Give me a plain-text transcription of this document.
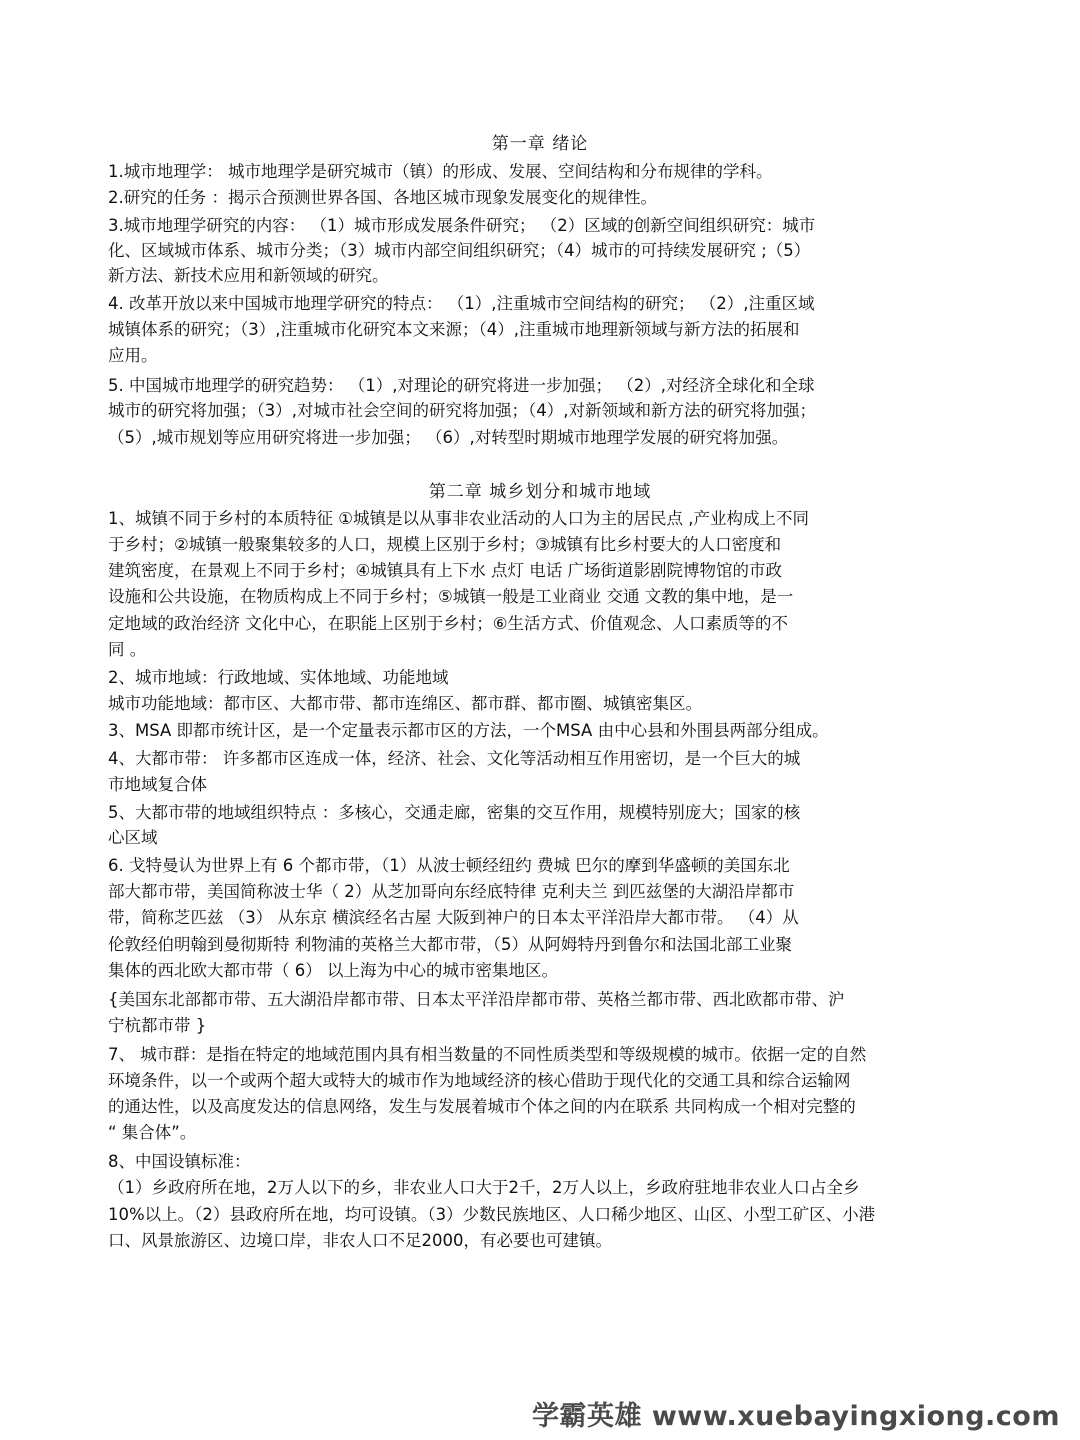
第一章 绪论
1.城市地理学： 城市地理学是研究城市（镇）的形成、发展、空间结构和分布规律的学科。
2.研究的任务 ：揭示合预测世界各国、各地区城市现象发展变化的规律性。
3.城市地理学研究的内容： （1）城市形成发展条件研究； （2）区域的创新空间组织研究：城市
化、区域城市体系、城市分类；（3）城市内部空间组织研究；（4）城市的可持续发展研究 ;（5）
新方法、新技术应用和新领域的研究。
4. 改革开放以来中国城市地理学研究的特点： （1）,注重城市空间结构的研究； （2）,注重区域
城镇体系的研究；（3）,注重城市化研究本文来源；（4）,注重城市地理新领域与新方法的拓展和
应用。
5. 中国城市地理学的研究趋势： （1）,对理论的研究将进一步加强； （2）,对经济全球化和全球
城市的研究将加强；（3）,对城市社会空间的研究将加强；（4）,对新领域和新方法的研究将加强；
（5）,城市规划等应用研究将进一步加强； （6）,对转型时期城市地理学发展的研究将加强。
第二章 城乡划分和城市地域
1、城镇不同于乡村的本质特征 ①城镇是以从事非农业活动的人口为主的居民点 ,产业构成上不同
于乡村；②城镇一般聚集较多的人口，规模上区别于乡村；③城镇有比乡村要大的人口密度和
建筑密度，在景观上不同于乡村；④城镇具有上下水 点灯 电话 广场街道影剧院博物馆的市政
设施和公共设施，在物质构成上不同于乡村；⑤城镇一般是工业商业 交通 文教的集中地，是一
定地域的政治经济 文化中心，在职能上区别于乡村；⑥生活方式、价值观念、人口素质等的不
同 。
2、城市地域：行政地域、实体地域、功能地域
城市功能地域：都市区、大都市带、都市连绵区、都市群、都市圈、城镇密集区。
3、MSA 即都市统计区，是一个定量表示都市区的方法，一个MSA 由中心县和外围县两部分组成。
4、大都市带： 许多都市区连成一体，经济、社会、文化等活动相互作用密切，是一个巨大的城
市地域复合体
5、大都市带的地域组织特点 ：多核心，交通走廊，密集的交互作用，规模特别庞大；国家的核
心区域
6. 戈特曼认为世界上有 6 个都市带，（1）从波士顿经纽约 费城 巴尔的摩到华盛顿的美国东北
部大都市带，美国简称波士华（ 2）从芝加哥向东经底特律 克利夫兰 到匹兹堡的大湖沿岸都市
带，简称芝匹兹 （3） 从东京 横滨经名古屋 大阪到神户的日本太平洋沿岸大都市带。 （4）从
伦敦经伯明翰到曼彻斯特 利物浦的英格兰大都市带，（5）从阿姆特丹到鲁尔和法国北部工业聚
集体的西北欧大都市带（ 6） 以上海为中心的城市密集地区。
{美国东北部都市带、五大湖沿岸都市带、日本太平洋沿岸都市带、英格兰都市带、西北欧都市带、沪
宁杭都市带 }
7、 城市群：是指在特定的地域范围内具有相当数量的不同性质类型和等级规模的城市。依据一定的自然
环境条件，以一个或两个超大或特大的城市作为地域经济的核心借助于现代化的交通工具和综合运输网
的通达性，以及高度发达的信息网络，发生与发展着城市个体之间的内在联系 共同构成一个相对完整的
“ 集合体”。
8、中国设镇标准：
（1）乡政府所在地，2万人以下的乡，非农业人口大于2千，2万人以上，乡政府驻地非农业人口占全乡
10%以上。（2）县政府所在地，均可设镇。（3）少数民族地区、人口稀少地区、山区、小型工矿区、小港
口、风景旅游区、边境口岸，非农人口不足2000，有必要也可建镇。
学霸英雄 www.xuebayingxiong.com
